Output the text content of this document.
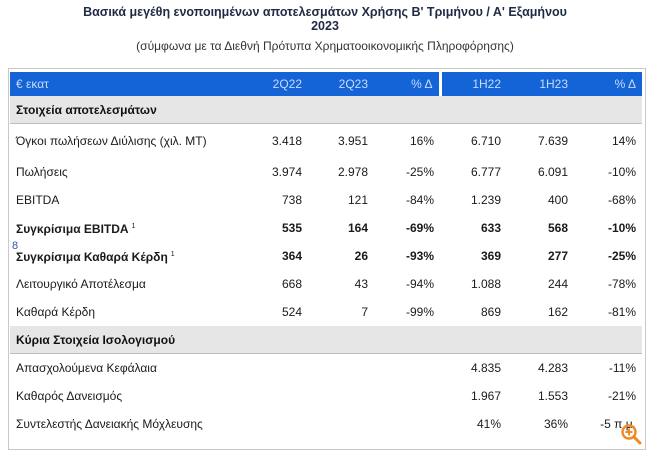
Βασικά μεγέθη ενοποιημένων αποτελεσμάτων Χρήσης Β' Τριμήνου / Α' Εξαμήνου
2023
(σύμφωνα με τα Διεθνή Πρότυπα Χρηματοοικονομικής Πληροφόρησης)
€ εκατ	2Q22	2Q23	% Δ	1H22	1H23	% Δ
Στοιχεία αποτελεσμάτων						
Όγκοι πωλήσεων Διύλισης (χιλ. ΜΤ)	3.418	3.951	16%	6.710	7.639	14%
Πωλήσεις	3.974	2.978	-25%	6.777	6.091	-10%
EBITDA	738	121	-84%	1.239	400	-68%
Συγκρίσιμα EBITDA $^1$	535	164	-69%	633	568	-10%
Συγκρίσιμα Καθαρά Κέρδη $^1$	364	26	-93%	369	277	-25%
Λειτουργικό Αποτέλεσμα	668	43	-94%	1.088	244	-78%
Καθαρά Κέρδη	524	7	-99%	869	162	-81%
Κύρια Στοιχεία Ισολογισμού						
Απασχολούμενα Κεφάλαια				4.835	4.283	-11%
Καθαρός Δανεισμός				1.967	1.553	-21%
Συντελεστής Δανειακής Μόχλευσης				41%	36%	-5 π.μ.
8
